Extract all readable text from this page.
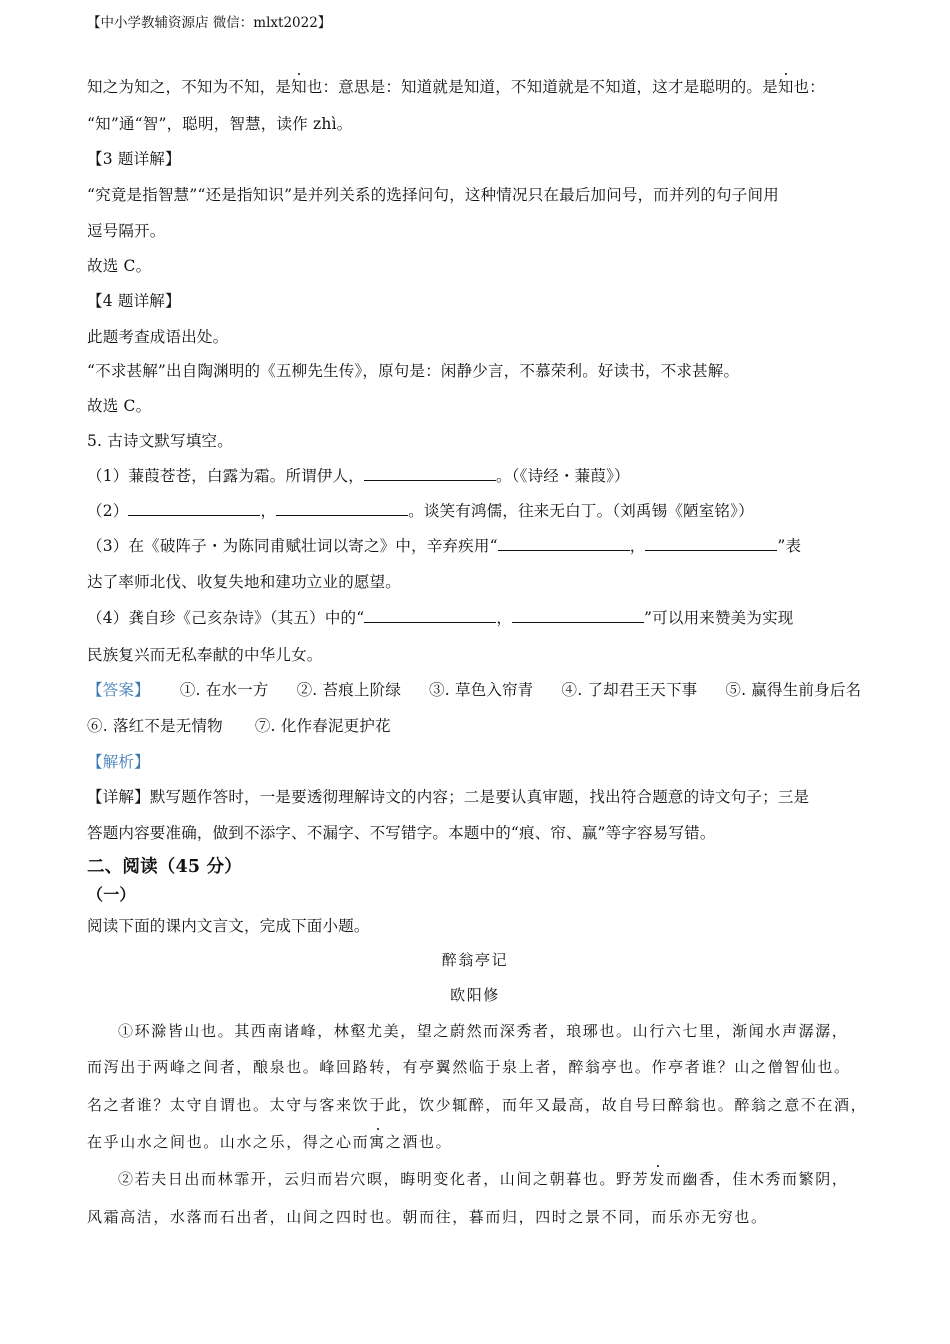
【中小学教辅资源店 微信：mlxt2022】
知之为知之，不知为不知，是知也：意思是：知道就是知道，不知道就是不知道，这才是聪明的。是知也：
“知”通“智”，聪明，智慧，读作 zhì。
【3 题详解】
“究竟是指智慧”“还是指知识”是并列关系的选择问句，这种情况只在最后加问号，而并列的句子间用
逗号隔开。
故选 C。
【4 题详解】
此题考查成语出处。
“不求甚解”出自陶渊明的《五柳先生传》，原句是：闲静少言，不慕荣利。好读书，不求甚解。
故选 C。
5. 古诗文默写填空。
（1）蒹葭苍苍，白露为霜。所谓伊人，	。（《诗经・蒹葭》）
（2）	，	。谈笑有鸿儒，往来无白丁。（刘禹锡《陋室铭》）
（3）在《破阵子・为陈同甫赋壮词以寄之》中，辛弃疾用“	，	”表
达了率师北伐、收复失地和建功立业的愿望。
（4）龚自珍《己亥杂诗》（其五）中的“	，	”可以用来赞美为实现
民族复兴而无私奉献的中华儿女。
【答案】 ①. 在水一方 ②. 苔痕上阶绿 ③. 草色入帘青 ④. 了却君王天下事 ⑤. 赢得生前身后名
⑥. 落红不是无情物 ⑦. 化作春泥更护花
【解析】
【详解】默写题作答时，一是要透彻理解诗文的内容；二是要认真审题，找出符合题意的诗文句子；三是
答题内容要准确，做到不添字、不漏字、不写错字。本题中的“痕、帘、赢”等字容易写错。
二、阅读（45 分）
（一）
阅读下面的课内文言文，完成下面小题。
醉翁亭记
欧阳修
①环滁皆山也。其西南诸峰，林壑尤美，望之蔚然而深秀者，琅琊也。山行六七里，渐闻水声潺潺，
而泻出于两峰之间者，酿泉也。峰回路转，有亭翼然临于泉上者，醉翁亭也。作亭者谁？山之僧智仙也。
名之者谁？太守自谓也。太守与客来饮于此，饮少辄醉，而年又最高，故自号曰醉翁也。醉翁之意不在酒，
在乎山水之间也。山水之乐，得之心而寓之酒也。
②若夫日出而林霏开，云归而岩穴暝，晦明变化者，山间之朝暮也。野芳发而幽香，佳木秀而繁阴，
风霜高洁，水落而石出者，山间之四时也。朝而往，暮而归，四时之景不同，而乐亦无穷也。
